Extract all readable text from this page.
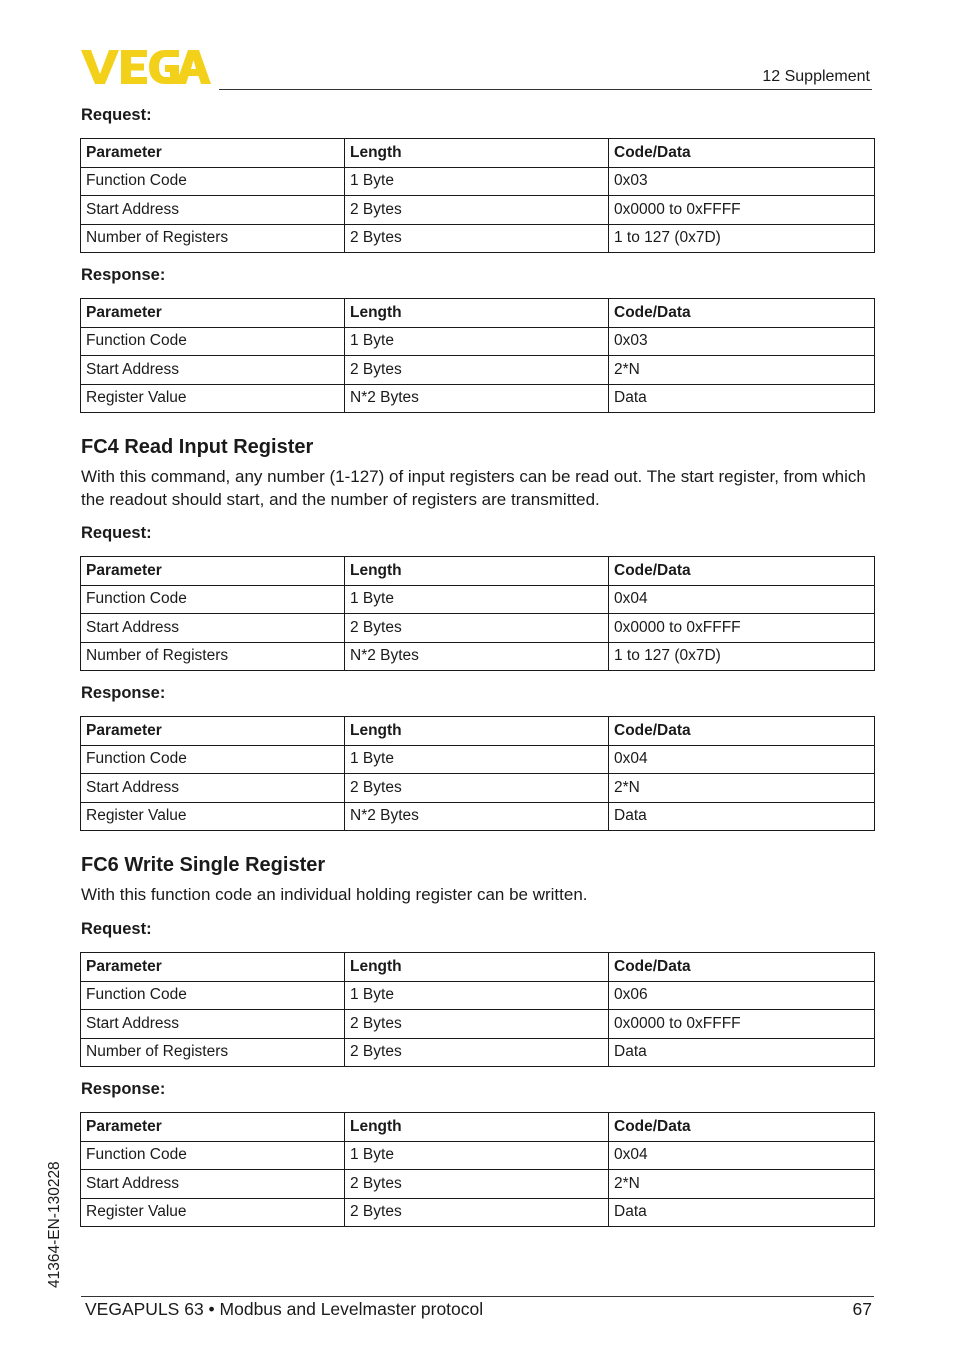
12 Supplement
Request:
Parameter	Length	Code/Data
Function Code	1 Byte	0x03
Start Address	2 Bytes	0x0000 to 0xFFFF
Number of Registers	2 Bytes	1 to 127 (0x7D)
Response:
Parameter	Length	Code/Data
Function Code	1 Byte	0x03
Start Address	2 Bytes	2*N
Register Value	N*2 Bytes	Data
FC4 Read Input Register
With this command, any number (1-127) of input registers can be read out. The start register, from which the readout should start, and the number of registers are transmitted.
Request:
Parameter	Length	Code/Data
Function Code	1 Byte	0x04
Start Address	2 Bytes	0x0000 to 0xFFFF
Number of Registers	N*2 Bytes	1 to 127 (0x7D)
Response:
Parameter	Length	Code/Data
Function Code	1 Byte	0x04
Start Address	2 Bytes	2*N
Register Value	N*2 Bytes	Data
FC6 Write Single Register
With this function code an individual holding register can be written.
Request:
Parameter	Length	Code/Data
Function Code	1 Byte	0x06
Start Address	2 Bytes	0x0000 to 0xFFFF
Number of Registers	2 Bytes	Data
Response:
Parameter	Length	Code/Data
Function Code	1 Byte	0x04
Start Address	2 Bytes	2*N
Register Value	2 Bytes	Data
41364-EN-130228
VEGAPULS 63 • Modbus and Levelmaster protocol	67
